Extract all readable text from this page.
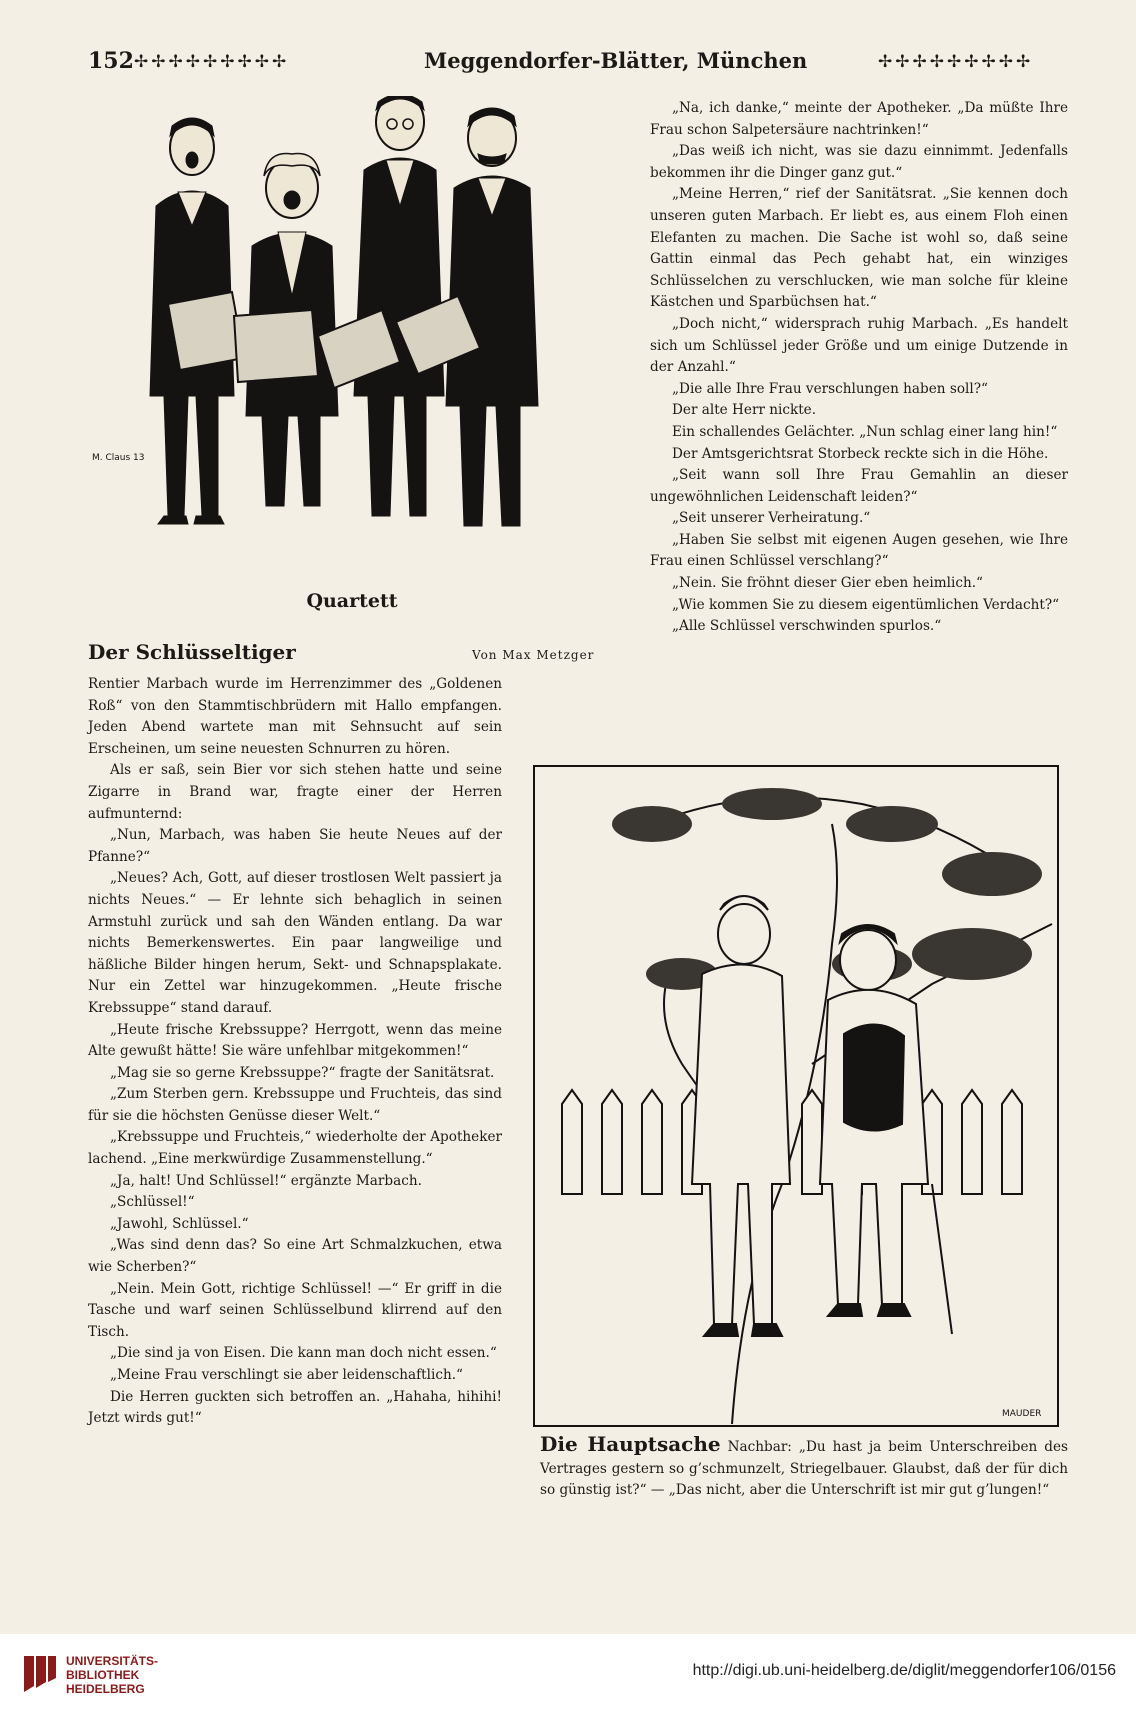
152 ✢✢✢✢✢✢✢✢✢	Meggendorfer-Blätter, München	✢✢✢✢✢✢✢✢✢
M. Claus 13
Quartett
Der Schlüsseltiger	Von Max Metzger

Rentier Marbach wurde im Herrenzimmer des „Goldenen Roß“ von den Stammtischbrüdern mit Hallo empfangen. Jeden Abend wartete man mit Sehnsucht auf sein Erscheinen, um seine neuesten Schnurren zu hören.

Als er saß, sein Bier vor sich stehen hatte und seine Zigarre in Brand war, fragte einer der Herren aufmunternd:

„Nun, Marbach, was haben Sie heute Neues auf der Pfanne?“

„Neues? Ach, Gott, auf dieser trostlosen Welt passiert ja nichts Neues.“ — Er lehnte sich behaglich in seinen Armstuhl zurück und sah den Wänden entlang. Da war nichts Bemerkenswertes. Ein paar langweilige und häßliche Bilder hingen herum, Sekt- und Schnapsplakate. Nur ein Zettel war hinzugekommen. „Heute frische Krebssuppe“ stand darauf.

„Heute frische Krebssuppe? Herrgott, wenn das meine Alte gewußt hätte! Sie wäre unfehlbar mitgekommen!“

„Mag sie so gerne Krebssuppe?“ fragte der Sanitätsrat.

„Zum Sterben gern. Krebssuppe und Fruchteis, das sind für sie die höchsten Genüsse dieser Welt.“

„Krebssuppe und Fruchteis,“ wiederholte der Apotheker lachend. „Eine merkwürdige Zusammenstellung.“

„Ja, halt! Und Schlüssel!“ ergänzte Marbach.

„Schlüssel!“

„Jawohl, Schlüssel.“

„Was sind denn das? So eine Art Schmalzkuchen, etwa wie Scherben?“

„Nein. Mein Gott, richtige Schlüssel! —“ Er griff in die Tasche und warf seinen Schlüsselbund klirrend auf den Tisch.

„Die sind ja von Eisen. Die kann man doch nicht essen.“

„Meine Frau verschlingt sie aber leidenschaftlich.“

Die Herren guckten sich betroffen an. „Hahaha, hihihi! Jetzt wirds gut!“

„Na, ich danke,“ meinte der Apotheker. „Da müßte Ihre Frau schon Salpetersäure nachtrinken!“

„Das weiß ich nicht, was sie dazu einnimmt. Jedenfalls bekommen ihr die Dinger ganz gut.“

„Meine Herren,“ rief der Sanitätsrat. „Sie kennen doch unseren guten Marbach. Er liebt es, aus einem Floh einen Elefanten zu machen. Die Sache ist wohl so, daß seine Gattin einmal das Pech gehabt hat, ein winziges Schlüsselchen zu verschlucken, wie man solche für kleine Kästchen und Sparbüchsen hat.“

„Doch nicht,“ widersprach ruhig Marbach. „Es handelt sich um Schlüssel jeder Größe und um einige Dutzende in der Anzahl.“

„Die alle Ihre Frau verschlungen haben soll?“

Der alte Herr nickte.

Ein schallendes Gelächter. „Nun schlag einer lang hin!“

Der Amtsgerichtsrat Storbeck reckte sich in die Höhe.

„Seit wann soll Ihre Frau Gemahlin an dieser ungewöhnlichen Leidenschaft leiden?“

„Seit unserer Verheiratung.“

„Haben Sie selbst mit eigenen Augen gesehen, wie Ihre Frau einen Schlüssel verschlang?“

„Nein. Sie fröhnt dieser Gier eben heimlich.“

„Wie kommen Sie zu diesem eigentümlichen Verdacht?“

„Alle Schlüssel verschwinden spurlos.“

MAUDER
Die Hauptsache Nachbar: „Du hast ja beim Unterschreiben des Vertrages gestern so g’schmunzelt, Striegelbauer. Glaubst, daß der für dich so günstig ist?“ — „Das nicht, aber die Unterschrift ist mir gut g’lungen!“
UNIVERSITÄTS-
BIBLIOTHEK
HEIDELBERG
http://digi.ub.uni-heidelberg.de/diglit/meggendorfer106/0156
